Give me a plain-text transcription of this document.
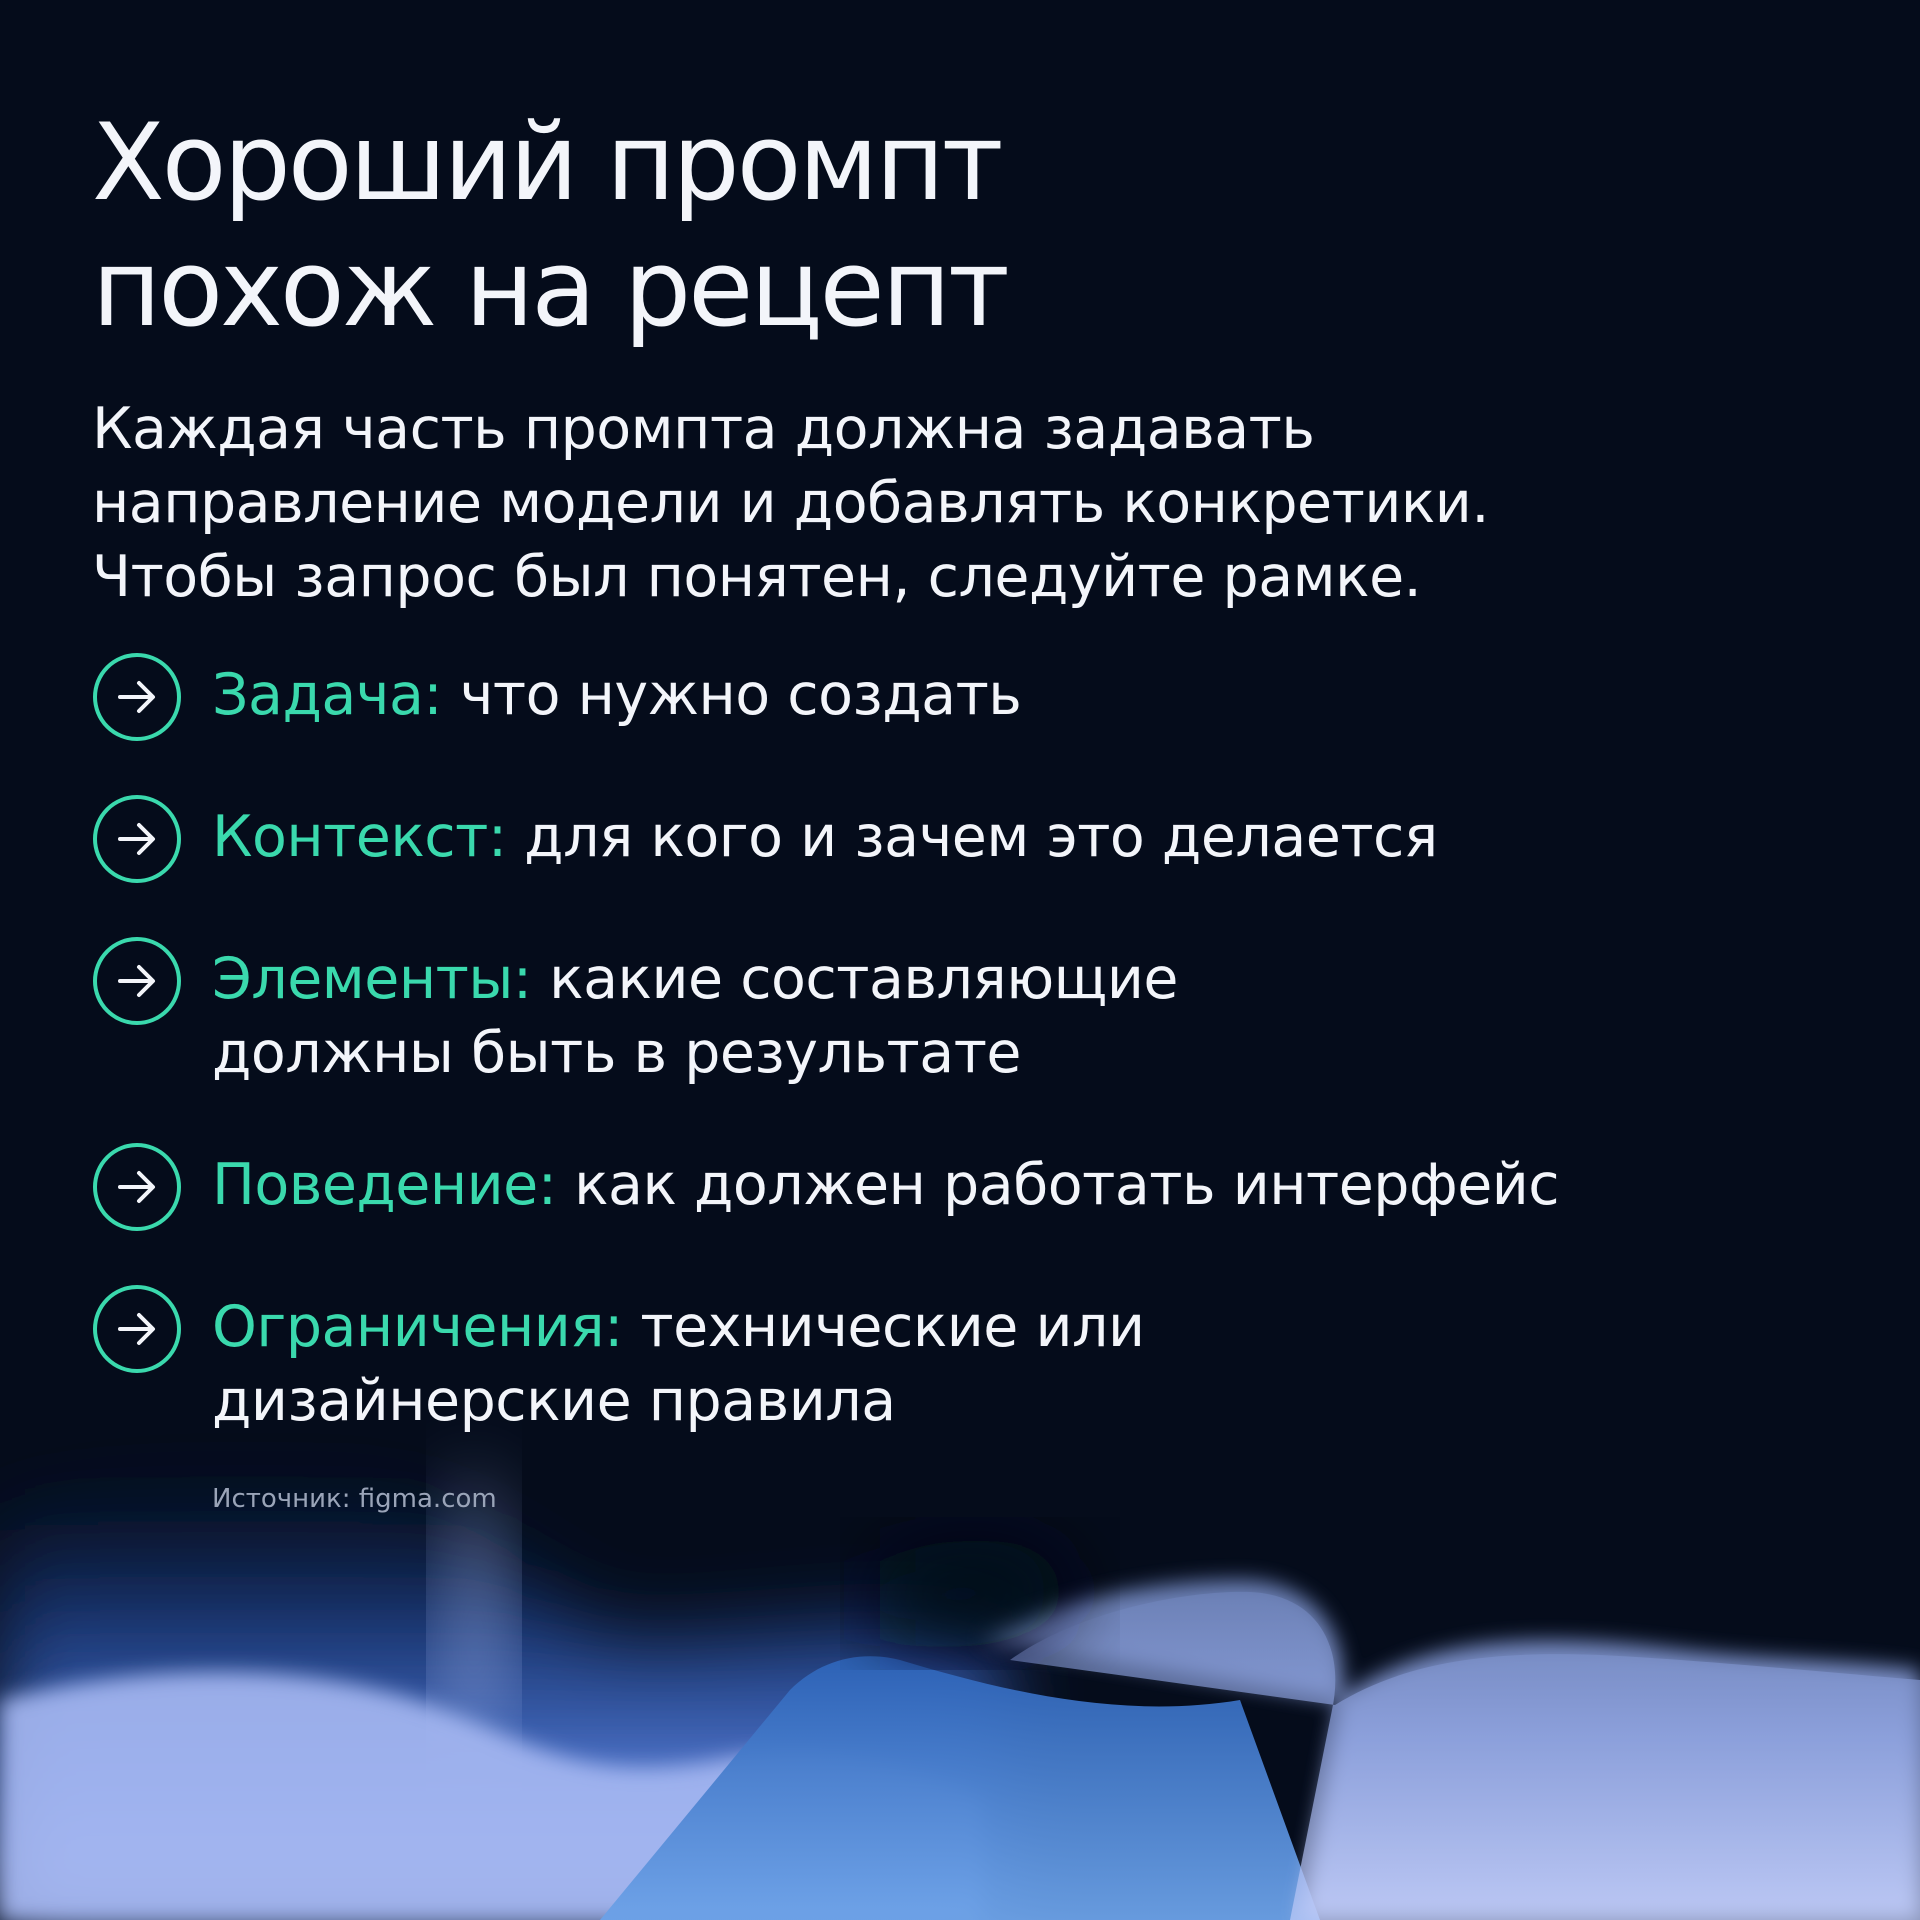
Хороший промпт
похож на рецепт

Каждая часть промпта должна задавать
направление модели и добавлять конкретики.
Чтобы запрос был понятен, следуйте рамке.

Задача: что нужно создать
Контекст: для кого и зачем это делается
Элементы: какие составляющие должны быть в результате
Поведение: как должен работать интерфейс
Ограничения: технические или дизайнерские правила
Источник: figma.com
